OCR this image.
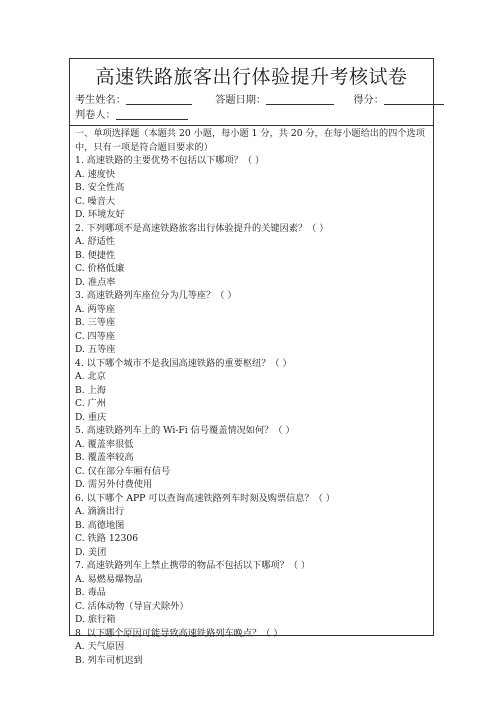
高速铁路旅客出行体验提升考核试卷
考生姓名：	答题日期：	得分：
判卷人：
一、单项选择题（本题共 20 小题，每小题 1 分，共 20 分，在每小题给出的四个选项中，只有一项是符合题目要求的）
1. 高速铁路的主要优势不包括以下哪项？（ ）
A. 速度快
B. 安全性高
C. 噪音大
D. 环境友好
2. 下列哪项不是高速铁路旅客出行体验提升的关键因素？（ ）
A. 舒适性
B. 便捷性
C. 价格低廉
D. 准点率
3. 高速铁路列车座位分为几等座？（ ）
A. 两等座
B. 三等座
C. 四等座
D. 五等座
4. 以下哪个城市不是我国高速铁路的重要枢纽？（ ）
A. 北京
B. 上海
C. 广州
D. 重庆
5. 高速铁路列车上的 Wi-Fi 信号覆盖情况如何？（ ）
A. 覆盖率很低
B. 覆盖率较高
C. 仅在部分车厢有信号
D. 需另外付费使用
6. 以下哪个 APP 可以查询高速铁路列车时刻及购票信息？（ ）
A. 滴滴出行
B. 高德地图
C. 铁路 12306
D. 美团
7. 高速铁路列车上禁止携带的物品不包括以下哪项？（ ）
A. 易燃易爆物品
B. 毒品
C. 活体动物（导盲犬除外）
D. 旅行箱
8. 以下哪个原因可能导致高速铁路列车晚点？（ ）
A. 天气原因
B. 列车司机迟到
